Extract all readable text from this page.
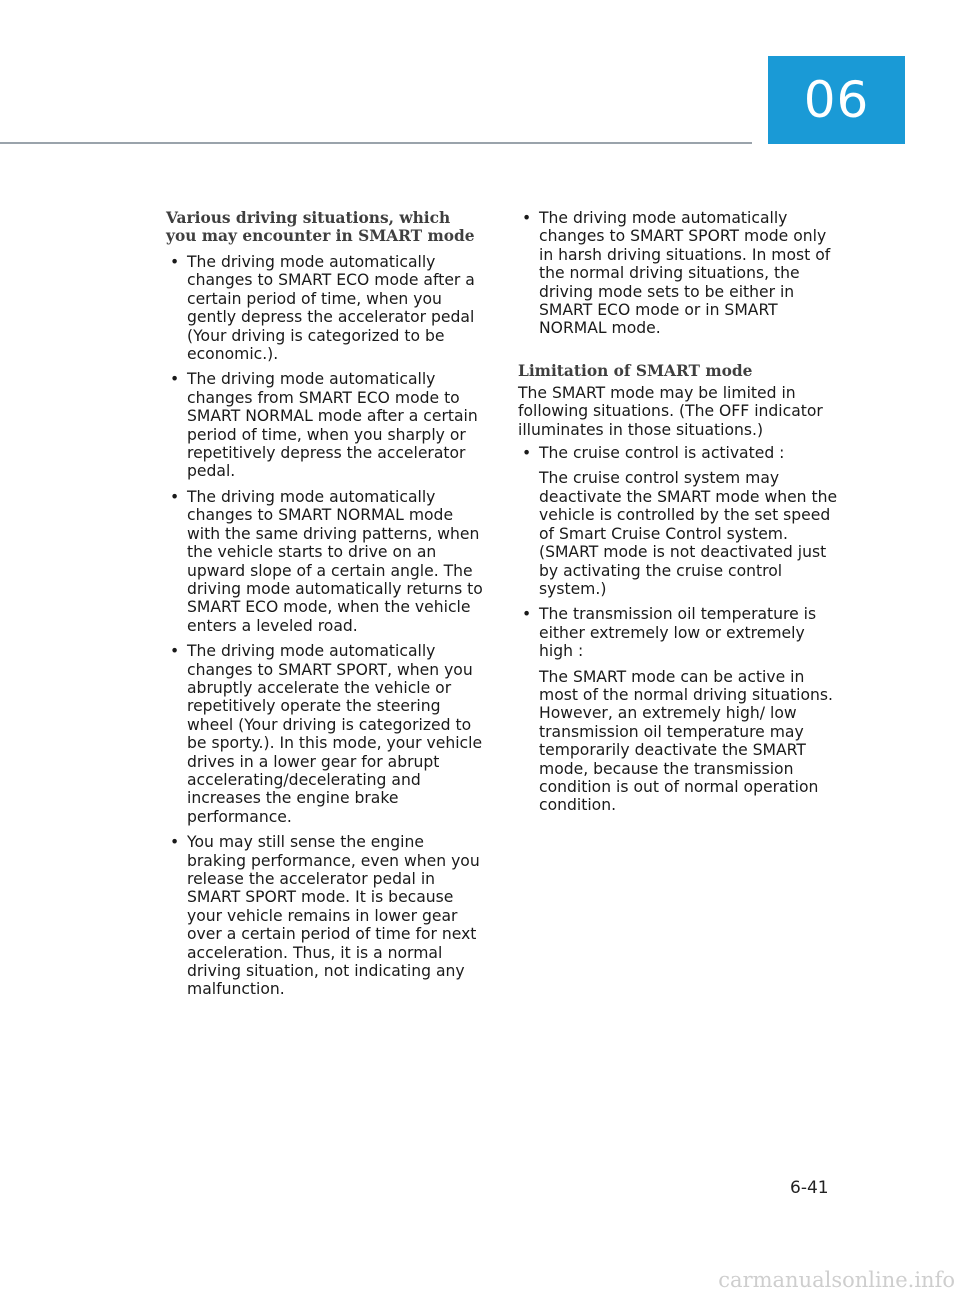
06
Various driving situations, which you may encounter in SMART mode
• The driving mode automatically changes to SMART ECO mode after a certain period of time, when you gently depress the accelerator pedal (Your driving is categorized to be economic.).
• The driving mode automatically changes from SMART ECO mode to SMART NORMAL mode after a certain period of time, when you sharply or repetitively depress the accelerator pedal.
• The driving mode automatically changes to SMART NORMAL mode with the same driving patterns, when the vehicle starts to drive on an upward slope of a certain angle. The driving mode automatically returns to SMART ECO mode, when the vehicle enters a leveled road.
• The driving mode automatically changes to SMART SPORT, when you abruptly accelerate the vehicle or repetitively operate the steering wheel (Your driving is categorized to be sporty.). In this mode, your vehicle drives in a lower gear for abrupt accelerating/decelerating and increases the engine brake performance.
• You may still sense the engine braking performance, even when you release the accelerator pedal in SMART SPORT mode. It is because your vehicle remains in lower gear over a certain period of time for next acceleration. Thus, it is a normal driving situation, not indicating any malfunction.
• The driving mode automatically changes to SMART SPORT mode only in harsh driving situations. In most of the normal driving situations, the driving mode sets to be either in SMART ECO mode or in SMART NORMAL mode.
Limitation of SMART mode

The SMART mode may be limited in following situations. (The OFF indicator illuminates in those situations.)

• The cruise control is activated :
The cruise control system may deactivate the SMART mode when the vehicle is controlled by the set speed of Smart Cruise Control system. (SMART mode is not deactivated just by activating the cruise control system.)
• The transmission oil temperature is either extremely low or extremely high :
The SMART mode can be active in most of the normal driving situations. However, an extremely high/ low transmission oil temperature may temporarily deactivate the SMART mode, because the transmission condition is out of normal operation condition.
6-41
carmanualsonline.info
